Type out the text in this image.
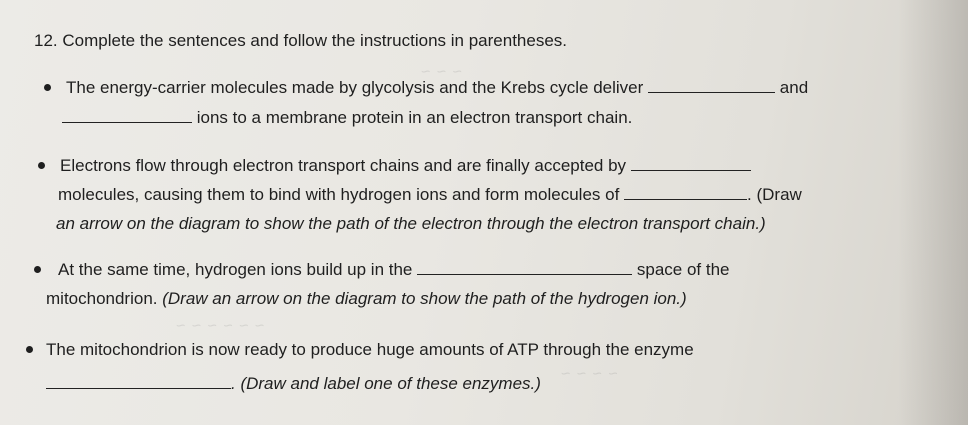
~ ~ ~
~ ~ ~ ~ ~ ~
~ ~ ~ ~
12. Complete the sentences and follow the instructions in parentheses.
The energy-carrier molecules made by glycolysis and the Krebs cycle deliver	and
ions to a membrane protein in an electron transport chain.
Electrons flow through electron transport chains and are finally accepted by
molecules, causing them to bind with hydrogen ions and form molecules of	. (Draw
an arrow on the diagram to show the path of the electron through the electron transport chain.)
At the same time, hydrogen ions build up in the	space of the
mitochondrion. (Draw an arrow on the diagram to show the path of the hydrogen ion.)
The mitochondrion is now ready to produce huge amounts of ATP through the enzyme
. (Draw and label one of these enzymes.)
